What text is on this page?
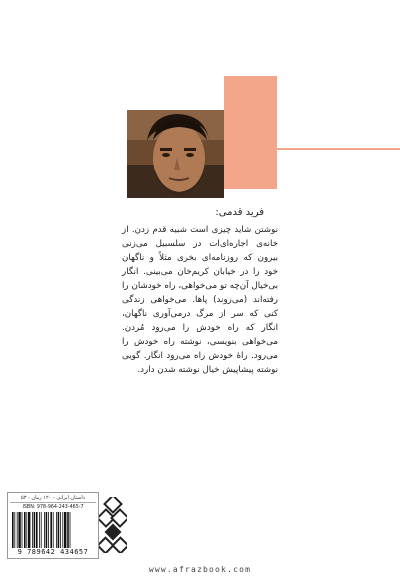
فرید قدمی:

نوشتن شاید چیزی است شبیه قدم زدن. از خانه‌ی اجاره‌ای‌ات در سلسبیل می‌زنی بیرون که روزنامه‌ای بخری مثلاً و ناگهان خود را در خیابان کریم‌خان می‌بینی. انگار بی‌خیال آن‌چه تو می‌خواهی، راه خودشان را رفته‌اند (می‌روند) پاها. می‌خواهی زندگی کنی که سر از مرگ درمی‌آوری ناگهان، انگار که راه خودش را می‌رود مُردن. می‌خواهی بنویسی، نوشته راه خودش را می‌رود. راهٔ خودش راه می‌رود انگار. گویی نوشته پیشاپیش خیال نوشته شدن دارد.

داستان ایرانی - ۱۲۰ رمان - ۵۳
ISBN: 978-964-243-465-7
9 789642 434657
www.afrazbook.com
